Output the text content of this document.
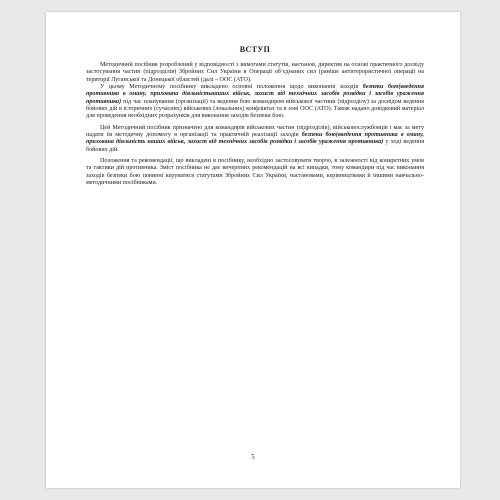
ВСТУП

Методичний посібник розроблений у відповідності з вимогами статутів, настанов, директив на основі практичного досвіду застосування частин (підрозділів) Збройних Сил України в Операції об’єднаних сил (раніше антитерористичної операції на території Луганської та Донецької областей (далі – ООС (АТО).

У цьому Методичному посібнику викладено основні положення щодо виконання заходів безпеки бою(введення противника в оману, прихована діяльністьнаших військ, захист від технічних засобів розвідки і засобів ураження противника) під час планування (організації) та ведення бою командиром військової частини (підрозділу) за досвідом ведення бойових дій в історичних (сучасних) військових (локальних) конфліктах та в зоні ООС (АТО). Також надано довідковий матеріал для проведення необхідних розрахунків для виконання заходів безпеки бою.

Цей Методичний посібник призначено для командирів військових частин (підрозділів), військовослужбовців і має за мету надати їм методичну допомогу в організації та практичній реалізації заходів безпеки бою(введення противника в оману, прихована діяльність наших військ, захист від технічних засобів розвідки і засобів ураження противника) у ході ведення бойових дій.

Положення та рекомендації, що викладені в посібнику, необхідно застосовувати творчо, в залежності від конкретних умов та тактики дій противника. Зміст посібника не дає вичерпних рекомендацій на всі випадки, тому командири під час виконання заходів безпеки бою повинні керуватися статутами Збройних Сил України, настановами, керівництвами й іншими навчально-методичними посібниками.

5
